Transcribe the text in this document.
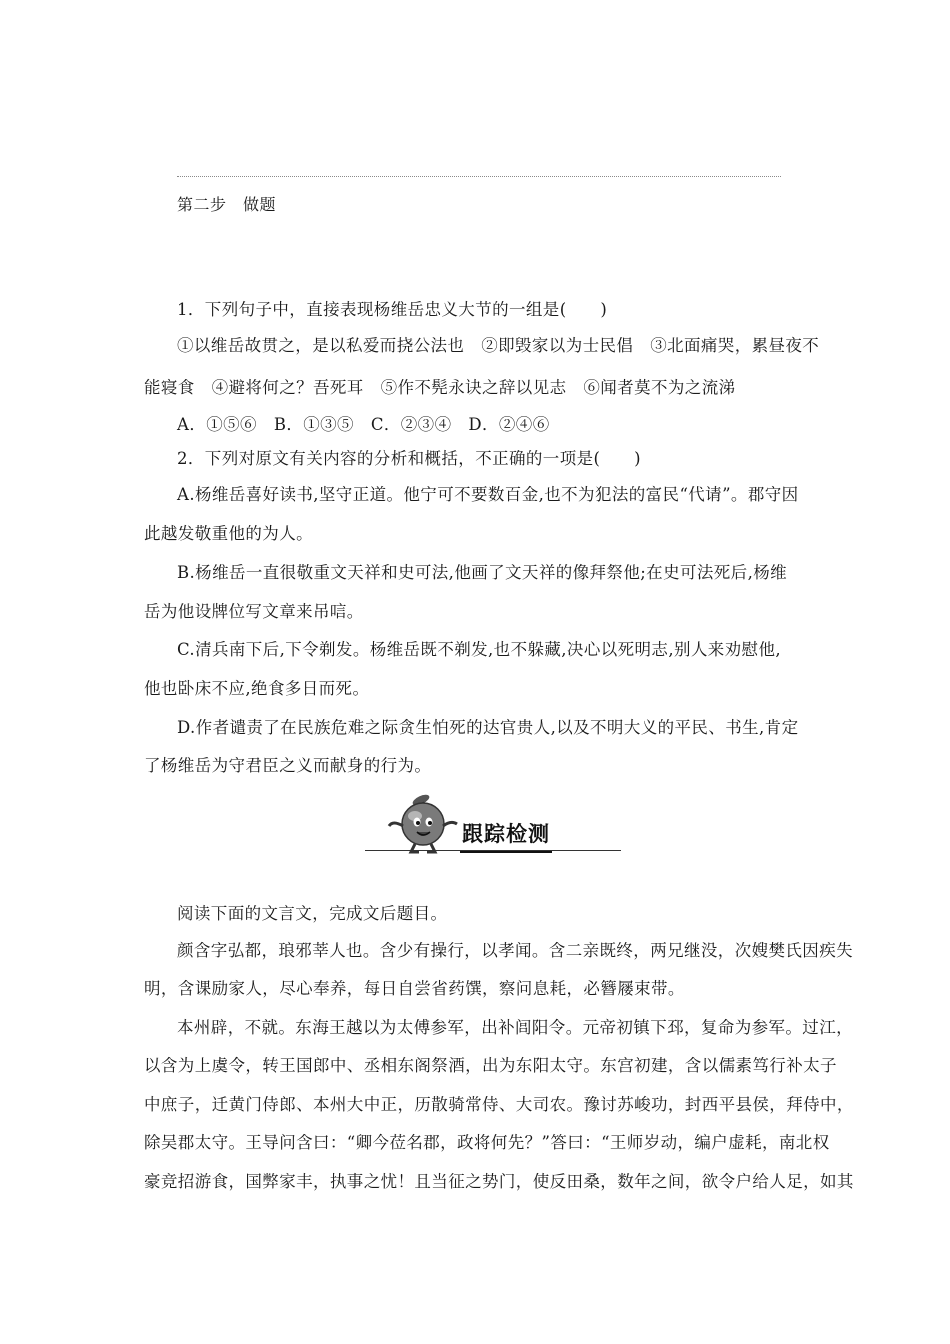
第二步　做题
1．下列句子中，直接表现杨维岳忠义大节的一组是(　　)
①以维岳故贯之，是以私爱而挠公法也　②即毁家以为士民倡　③北面痛哭，累昼夜不
能寝食　④避将何之？吾死耳　⑤作不髡永诀之辞以见志　⑥闻者莫不为之流涕
A．①⑤⑥　B．①③⑤　C．②③④　D．②④⑥
2．下列对原文有关内容的分析和概括，不正确的一项是(　　)
A.杨维岳喜好读书,坚守正道。他宁可不要数百金,也不为犯法的富民“代请”。郡守因
此越发敬重他的为人。
B.杨维岳一直很敬重文天祥和史可法,他画了文天祥的像拜祭他;在史可法死后,杨维
岳为他设牌位写文章来吊唁。
C.清兵南下后,下令剃发。杨维岳既不剃发,也不躲藏,决心以死明志,别人来劝慰他,
他也卧床不应,绝食多日而死。
D.作者谴责了在民族危难之际贪生怕死的达官贵人,以及不明大义的平民、书生,肯定
了杨维岳为守君臣之义而献身的行为。
跟踪检测
阅读下面的文言文，完成文后题目。
颜含字弘都，琅邪莘人也。含少有操行，以孝闻。含二亲既终，两兄继没，次嫂樊氏因疾失
明，含课励家人，尽心奉养，每日自尝省药馔，察问息耗，必簪屦束带。
本州辟，不就。东海王越以为太傅参军，出补闾阳令。元帝初镇下邳，复命为参军。过江，
以含为上虞令，转王国郎中、丞相东阁祭酒，出为东阳太守。东宫初建，含以儒素笃行补太子
中庶子，迁黄门侍郎、本州大中正，历散骑常侍、大司农。豫讨苏峻功，封西平县侯，拜侍中，
除吴郡太守。王导问含曰：“卿今莅名郡，政将何先？”答曰：“王师岁动，编户虚耗，南北权
豪竞招游食，国弊家丰，执事之忧！且当征之势门，使反田桑，数年之间，欲令户给人足，如其
